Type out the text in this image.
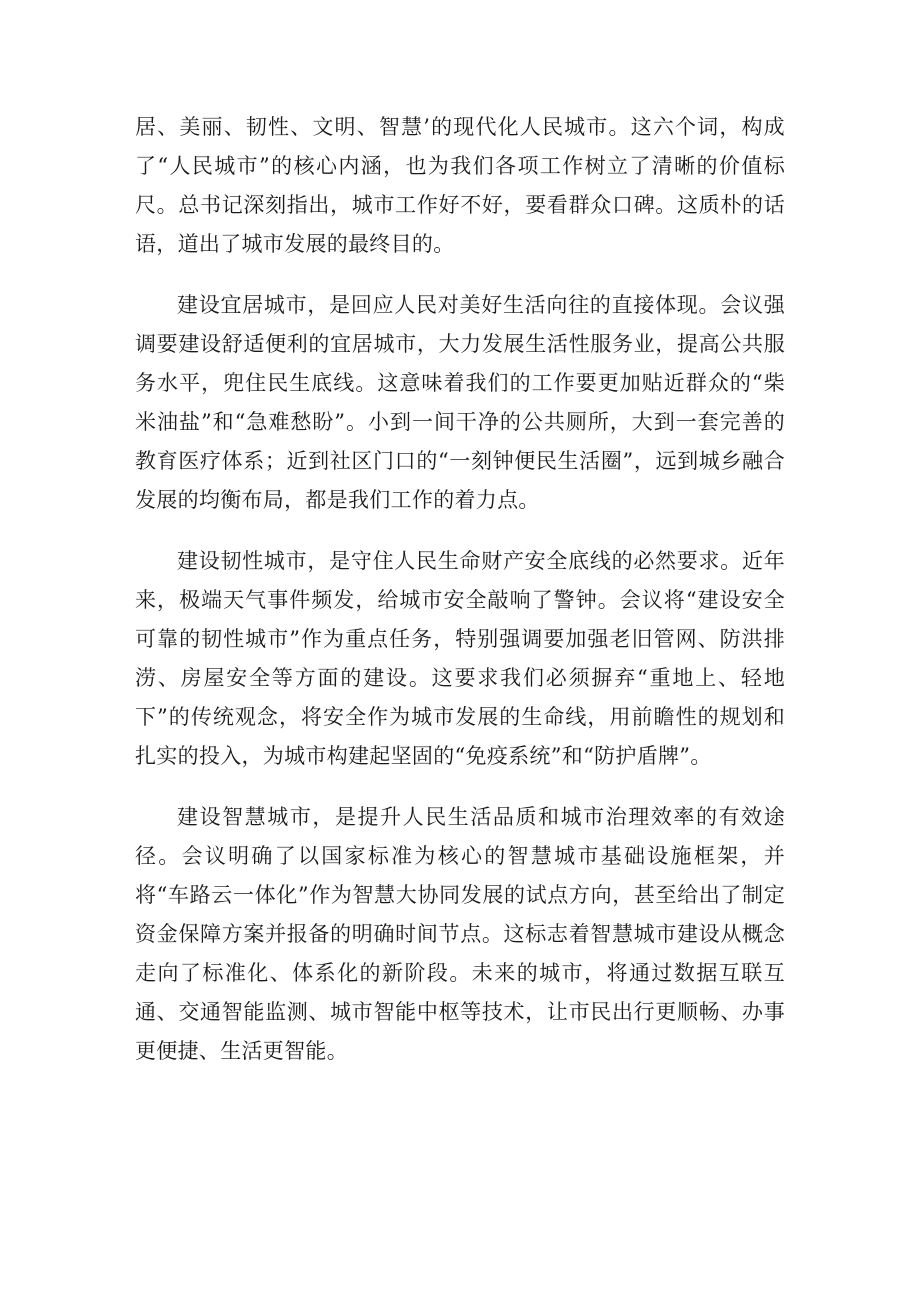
居、美丽、韧性、文明、智慧’的现代化人民城市。这六个词，构成了“人民城市”的核心内涵，也为我们各项工作树立了清晰的价值标尺。总书记深刻指出，城市工作好不好，要看群众口碑。这质朴的话语，道出了城市发展的最终目的。

建设宜居城市，是回应人民对美好生活向往的直接体现。会议强调要建设舒适便利的宜居城市，大力发展生活性服务业，提高公共服务水平，兜住民生底线。这意味着我们的工作要更加贴近群众的“柴米油盐”和“急难愁盼”。小到一间干净的公共厕所，大到一套完善的教育医疗体系；近到社区门口的“一刻钟便民生活圈”，远到城乡融合发展的均衡布局，都是我们工作的着力点。

建设韧性城市，是守住人民生命财产安全底线的必然要求。近年来，极端天气事件频发，给城市安全敲响了警钟。会议将“建设安全可靠的韧性城市”作为重点任务，特别强调要加强老旧管网、防洪排涝、房屋安全等方面的建设。这要求我们必须摒弃“重地上、轻地下”的传统观念，将安全作为城市发展的生命线，用前瞻性的规划和扎实的投入，为城市构建起坚固的“免疫系统”和“防护盾牌”。

建设智慧城市，是提升人民生活品质和城市治理效率的有效途径。会议明确了以国家标准为核心的智慧城市基础设施框架，并将“车路云一体化”作为智慧大协同发展的试点方向，甚至给出了制定资金保障方案并报备的明确时间节点。这标志着智慧城市建设从概念走向了标准化、体系化的新阶段。未来的城市，将通过数据互联互通、交通智能监测、城市智能中枢等技术，让市民出行更顺畅、办事更便捷、生活更智能。
